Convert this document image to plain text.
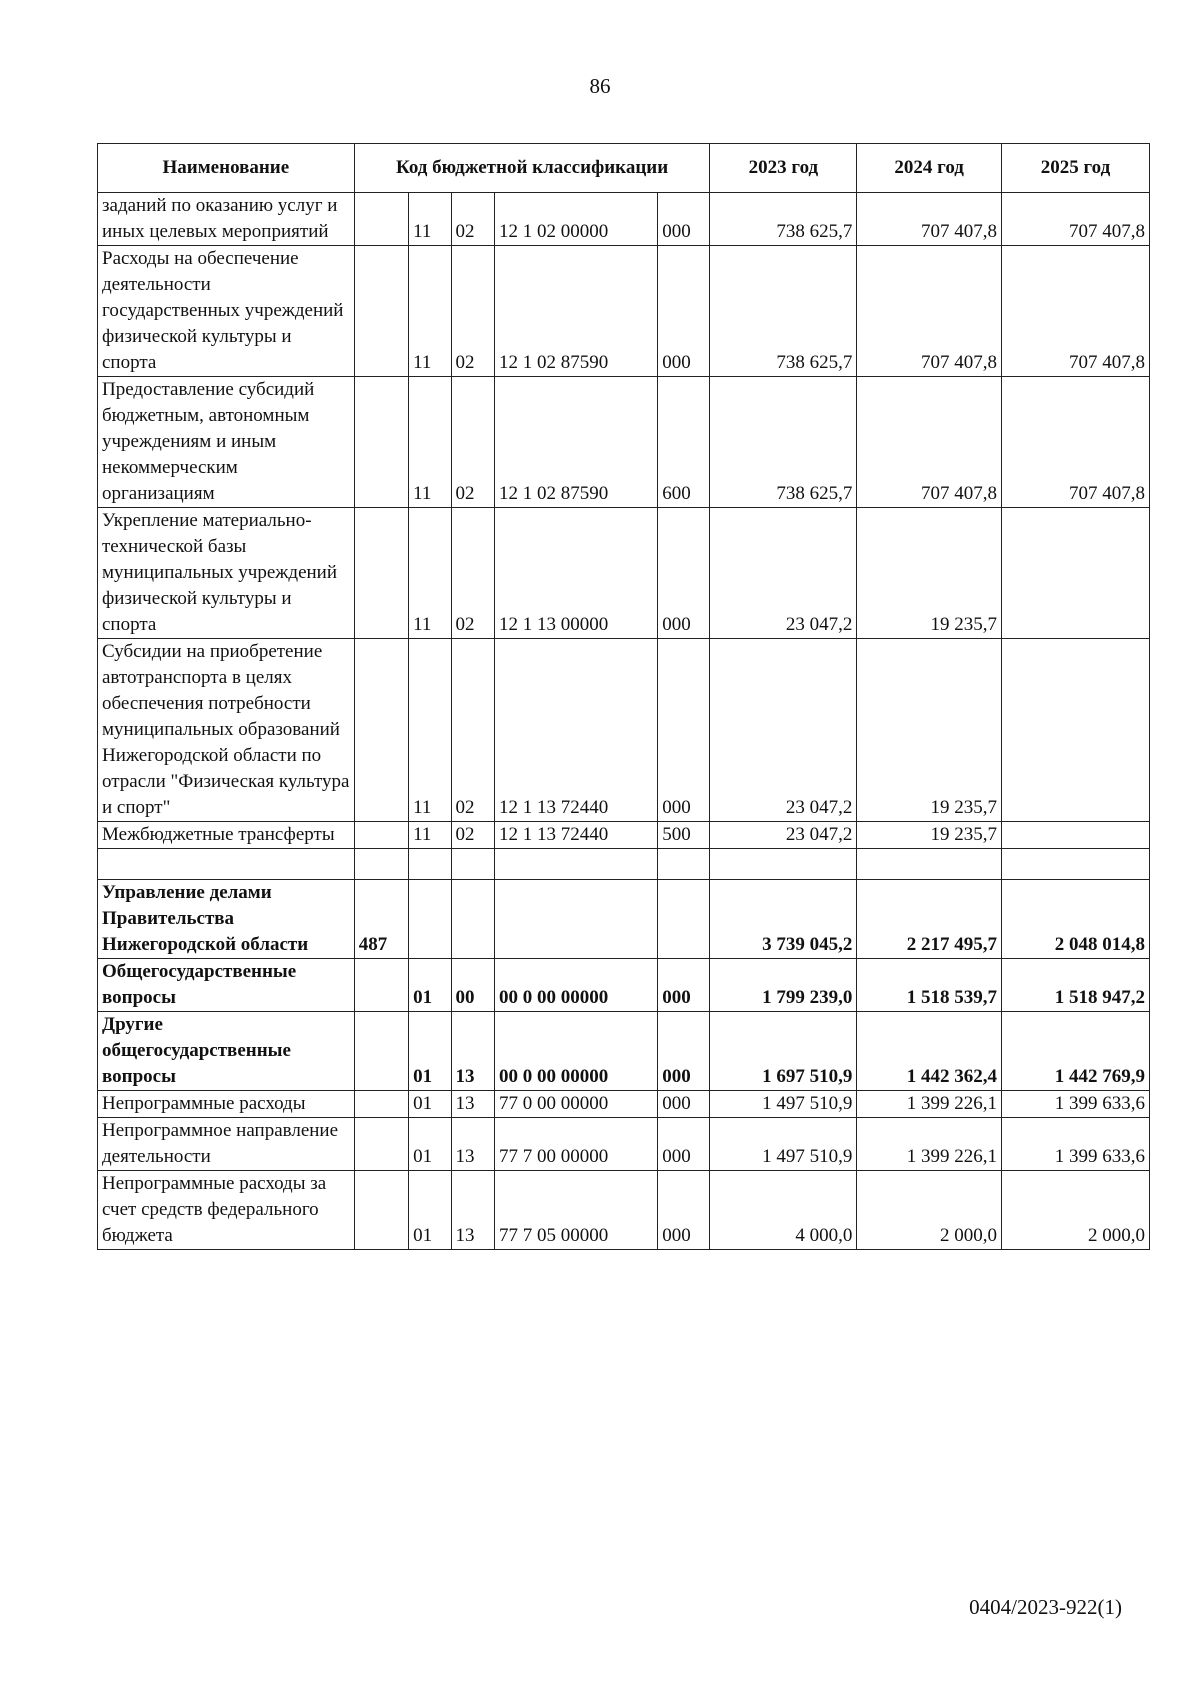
86
Наименование	Код бюджетной классификации					2023 год	2024 год	2025 год
заданий по оказанию услуг и иных целевых мероприятий		11	02	12 1 02 00000	000	738 625,7	707 407,8	707 407,8
Расходы на обеспечение деятельности государственных учреждений физической культуры и спорта		11	02	12 1 02 87590	000	738 625,7	707 407,8	707 407,8
Предоставление субсидий бюджетным, автономным учреждениям и иным некоммерческим организациям		11	02	12 1 02 87590	600	738 625,7	707 407,8	707 407,8
Укрепление материально-технической базы муниципальных учреждений физической культуры и спорта		11	02	12 1 13 00000	000	23 047,2	19 235,7	
Субсидии на приобретение автотранспорта в целях обеспечения потребности муниципальных образований Нижегородской области по отрасли "Физическая культура и спорт"		11	02	12 1 13 72440	000	23 047,2	19 235,7	
Межбюджетные трансферты		11	02	12 1 13 72440	500	23 047,2	19 235,7	

Управление делами Правительства Нижегородской области	487					3 739 045,2	2 217 495,7	2 048 014,8
Общегосударственные вопросы		01	00	00 0 00 00000	000	1 799 239,0	1 518 539,7	1 518 947,2
Другие общегосударственные вопросы		01	13	00 0 00 00000	000	1 697 510,9	1 442 362,4	1 442 769,9
Непрограммные расходы		01	13	77 0 00 00000	000	1 497 510,9	1 399 226,1	1 399 633,6
Непрограммное направление деятельности		01	13	77 7 00 00000	000	1 497 510,9	1 399 226,1	1 399 633,6
Непрограммные расходы за счет средств федерального бюджета		01	13	77 7 05 00000	000	4 000,0	2 000,0	2 000,0
0404/2023-922(1)
